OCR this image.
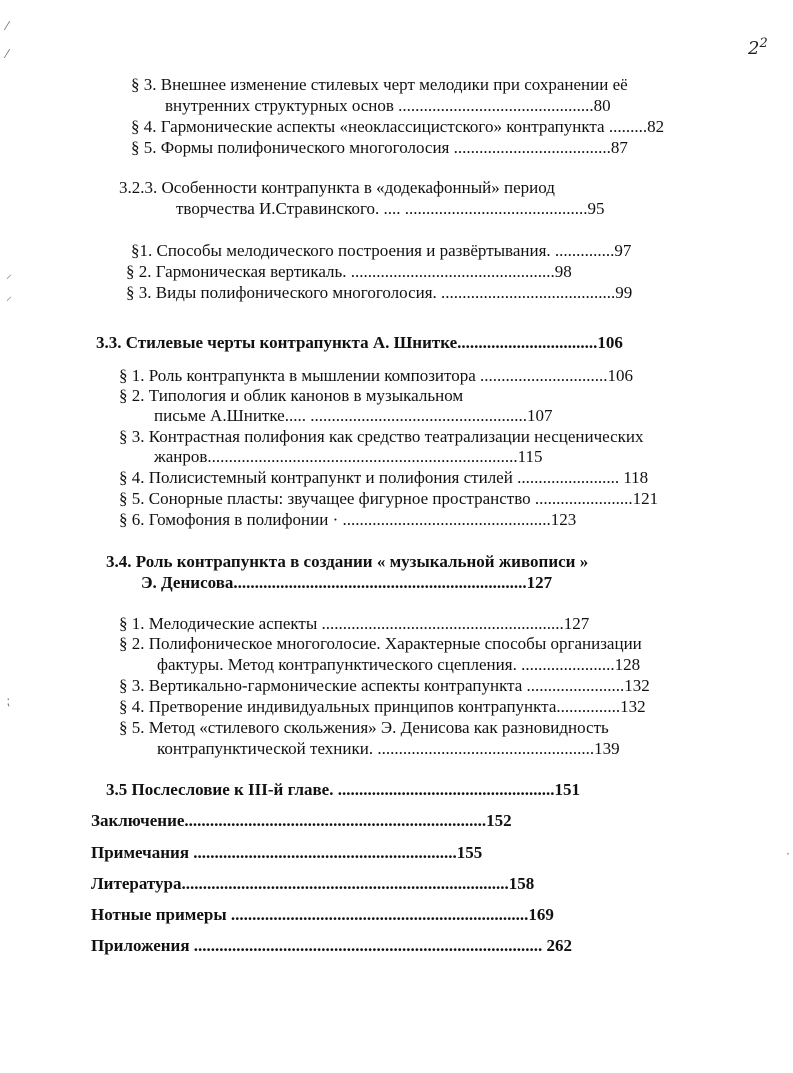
$2^2$
⁄
⁄
⸝
⸝
⁏
·
§ 3. Внешнее изменение стилевых черт мелодики при сохранении её
внутренних структурных основ ..............................................80
§ 4. Гармонические аспекты «неоклассицистского» контрапункта .........82
§ 5. Формы полифонического многоголосия .....................................87
3.2.3. Особенности контрапункта в «додекафонный» период
творчества И.Стравинского. .... ...........................................95
§1. Способы мелодического построения и развёртывания. ..............97
§ 2. Гармоническая вертикаль. ................................................98
§ 3. Виды полифонического многоголосия. .........................................99
3.3. Стилевые черты контрапункта А. Шнитке.................................106
§ 1. Роль контрапункта в мышлении композитора ..............................106
§ 2. Типология и облик канонов в музыкальном
письме А.Шнитке..... ...................................................107
§ 3. Контрастная полифония как средство театрализации несценических
жанров.........................................................................115
§ 4. Полисистемный контрапункт и полифония стилей ........................ 118
§ 5. Сонорные пласты: звучащее фигурное пространство .......................121
§ 6. Гомофония в полифонии · .................................................123
3.4. Роль контрапункта в создании « музыкальной живописи »
Э. Денисова.....................................................................127
§ 1. Мелодические аспекты .........................................................127
§ 2. Полифоническое многоголосие. Характерные способы организации
фактуры. Метод контрапунктического сцепления. ......................128
§ 3. Вертикально-гармонические аспекты контрапункта .......................132
§ 4. Претворение индивидуальных принципов контрапункта...............132
§ 5. Метод «стилевого скольжения» Э. Денисова как разновидность
контрапунктической техники. ...................................................139
3.5 Послесловие к III-й главе. ...................................................151
Заключение.......................................................................152
Примечания ..............................................................155
Литература.............................................................................158
Нотные примеры ......................................................................169
Приложения .................................................................................. 262
